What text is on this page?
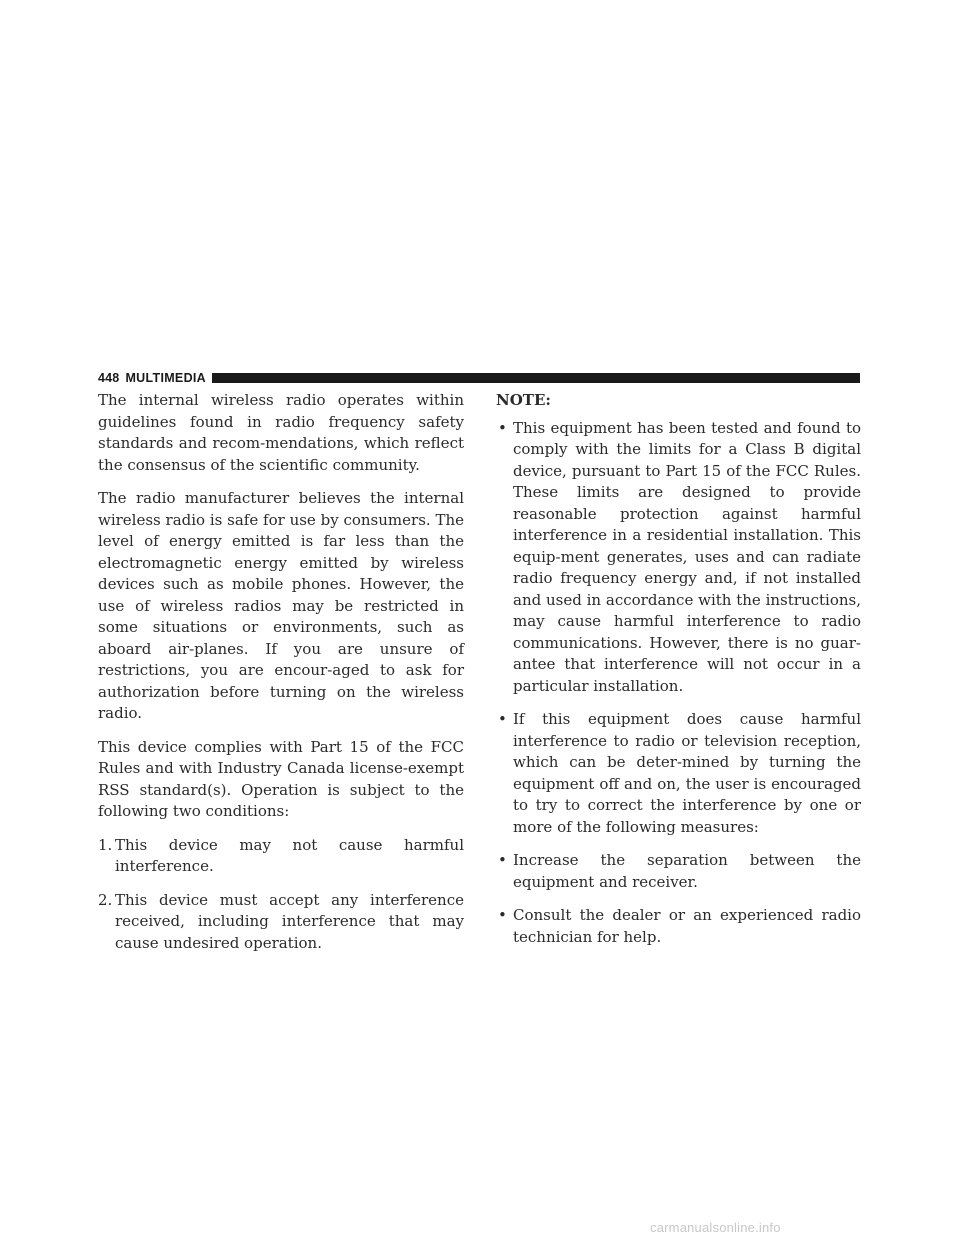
448 MULTIMEDIA

The internal wireless radio operates within guidelines found in radio frequency safety standards and recom-mendations, which reflect the consensus of the scientific community.

The radio manufacturer believes the internal wireless radio is safe for use by consumers. The level of energy emitted is far less than the electromagnetic energy emitted by wireless devices such as mobile phones. However, the use of wireless radios may be restricted in some situations or environments, such as aboard air-planes. If you are unsure of restrictions, you are encour-aged to ask for authorization before turning on the wireless radio.

This device complies with Part 15 of the FCC Rules and with Industry Canada license-exempt RSS standard(s). Operation is subject to the following two conditions:

1. This device may not cause harmful interference.
2. This device must accept any interference received, including interference that may cause undesired operation.
NOTE:
• This equipment has been tested and found to comply with the limits for a Class B digital device, pursuant to Part 15 of the FCC Rules. These limits are designed to provide reasonable protection against harmful interference in a residential installation. This equip-ment generates, uses and can radiate radio frequency energy and, if not installed and used in accordance with the instructions, may cause harmful interference to radio communications. However, there is no guar-antee that interference will not occur in a particular installation.
• If this equipment does cause harmful interference to radio or television reception, which can be deter-mined by turning the equipment off and on, the user is encouraged to try to correct the interference by one or more of the following measures:
• Increase the separation between the equipment and receiver.
• Consult the dealer or an experienced radio technician for help.
carmanualsonline.info
